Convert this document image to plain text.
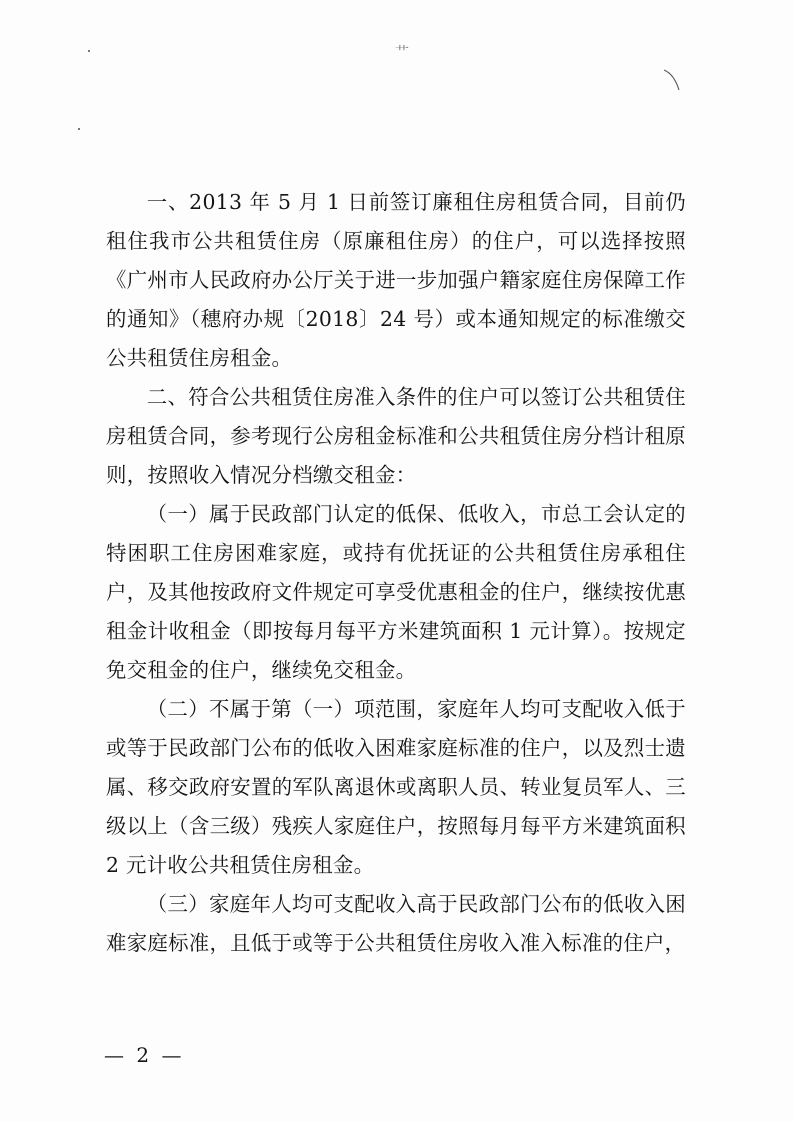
艹

一、2013 年 5 月 1 日前签订廉租住房租赁合同，目前仍租住我市公共租赁住房（原廉租住房）的住户，可以选择按照《广州市人民政府办公厅关于进一步加强户籍家庭住房保障工作的通知》（穗府办规〔2018〕24 号）或本通知规定的标准缴交公共租赁住房租金。

二、符合公共租赁住房准入条件的住户可以签订公共租赁住房租赁合同，参考现行公房租金标准和公共租赁住房分档计租原则，按照收入情况分档缴交租金：

（一）属于民政部门认定的低保、低收入，市总工会认定的特困职工住房困难家庭，或持有优抚证的公共租赁住房承租住户，及其他按政府文件规定可享受优惠租金的住户，继续按优惠租金计收租金（即按每月每平方米建筑面积 1 元计算）。按规定免交租金的住户，继续免交租金。

（二）不属于第（一）项范围，家庭年人均可支配收入低于或等于民政部门公布的低收入困难家庭标准的住户，以及烈士遗属、移交政府安置的军队离退休或离职人员、转业复员军人、三级以上（含三级）残疾人家庭住户，按照每月每平方米建筑面积 2 元计收公共租赁住房租金。

（三）家庭年人均可支配收入高于民政部门公布的低收入困难家庭标准，且低于或等于公共租赁住房收入准入标准的住户，

— 2 —
